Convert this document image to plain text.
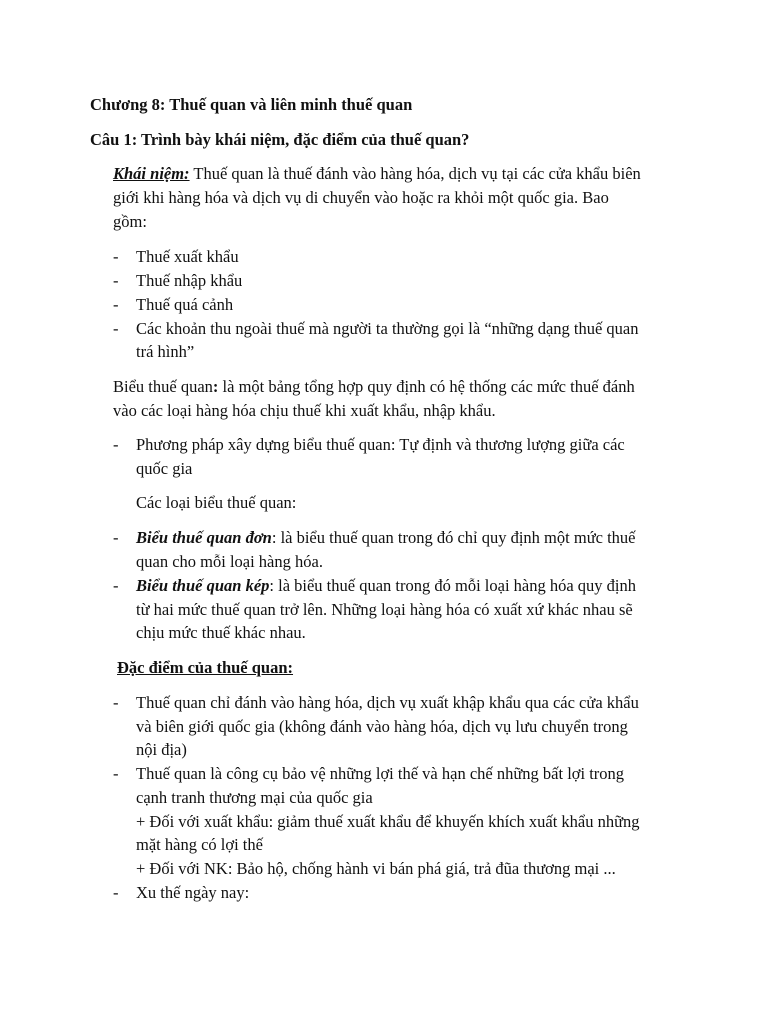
Chương 8: Thuế quan và liên minh thuế quan
Câu 1: Trình bày khái niệm, đặc điểm của thuế quan?
Khái niệm: Thuế quan là thuế đánh vào hàng hóa, dịch vụ tại các cửa khẩu biên
giới khi hàng hóa và dịch vụ di chuyển vào hoặc ra khỏi một quốc gia. Bao
gồm:
- Thuế xuất khẩu
- Thuế nhập khẩu
- Thuế quá cảnh
- Các khoản thu ngoài thuế mà người ta thường gọi là “những dạng thuế quan
trá hình”
Biểu thuế quan: là một bảng tổng hợp quy định có hệ thống các mức thuế đánh
vào các loại hàng hóa chịu thuế khi xuất khẩu, nhập khẩu.
- Phương pháp xây dựng biểu thuế quan: Tự định và thương lượng giữa các
quốc gia
Các loại biểu thuế quan:
- Biểu thuế quan đơn: là biểu thuế quan trong đó chỉ quy định một mức thuế
quan cho mỗi loại hàng hóa.
- Biểu thuế quan kép: là biểu thuế quan trong đó mỗi loại hàng hóa quy định
từ hai mức thuế quan trở lên. Những loại hàng hóa có xuất xứ khác nhau sẽ
chịu mức thuế khác nhau.
Đặc điểm của thuế quan:
- Thuế quan chỉ đánh vào hàng hóa, dịch vụ xuất khập khẩu qua các cửa khẩu
và biên giới quốc gia (không đánh vào hàng hóa, dịch vụ lưu chuyển trong
nội địa)
- Thuế quan là công cụ bảo vệ những lợi thế và hạn chế những bất lợi trong
cạnh tranh thương mại của quốc gia
+ Đối với xuất khẩu: giảm thuế xuất khẩu để khuyến khích xuất khẩu những
mặt hàng có lợi thế
+ Đối với NK: Bảo hộ, chống hành vi bán phá giá, trả đũa thương mại ...
- Xu thế ngày nay:
